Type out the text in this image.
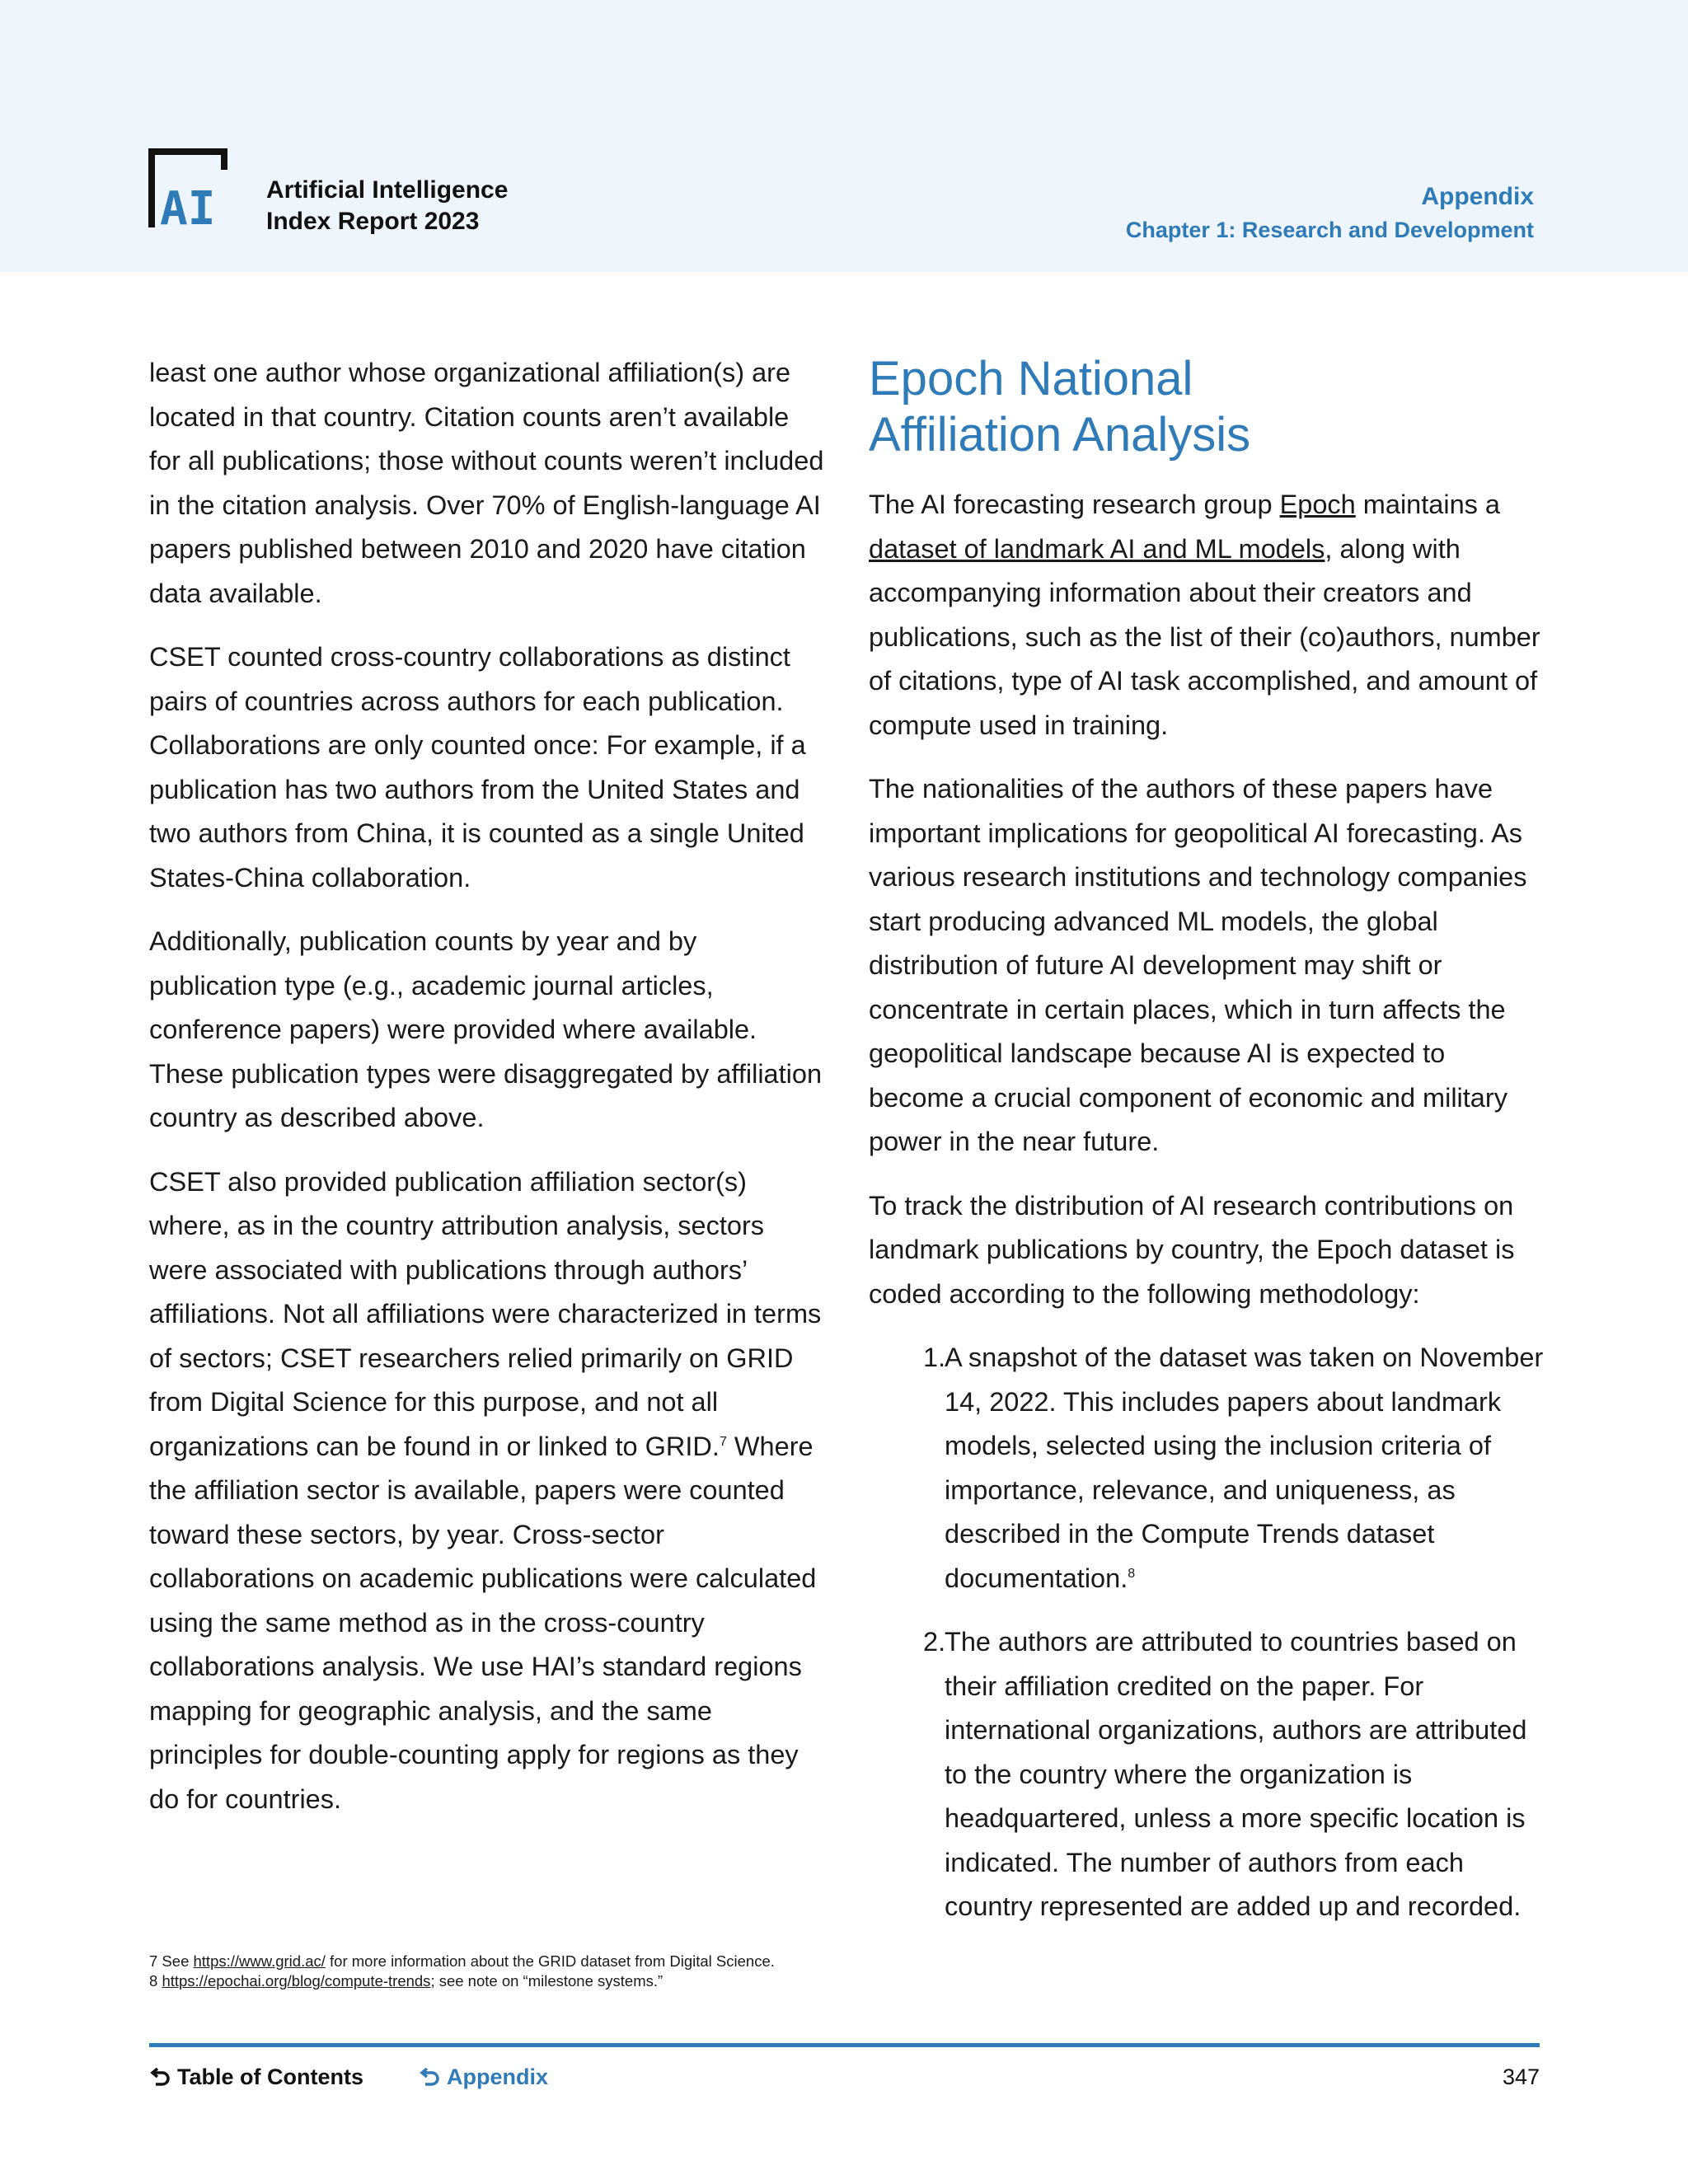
AI Artificial Intelligence
Index Report 2023
Appendix
Chapter 1: Research and Development

least one author whose organizational affiliation(s) are located in that country. Citation counts aren’t available for all publications; those without counts weren’t included in the citation analysis. Over 70% of English-language AI papers published between 2010 and 2020 have citation data available.

CSET counted cross-country collaborations as distinct pairs of countries across authors for each publication. Collaborations are only counted once: For example, if a publication has two authors from the United States and two authors from China, it is counted as a single United States-China collaboration.

Additionally, publication counts by year and by publication type (e.g., academic journal articles, conference papers) were provided where available. These publication types were disaggregated by affiliation country as described above.

CSET also provided publication affiliation sector(s) where, as in the country attribution analysis, sectors were associated with publications through authors’ affiliations. Not all affiliations were characterized in terms of sectors; CSET researchers relied primarily on GRID from Digital Science for this purpose, and not all organizations can be found in or linked to GRID.$^7$ Where the affiliation sector is available, papers were counted toward these sectors, by year. Cross-sector collaborations on academic publications were calculated using the same method as in the cross-country collaborations analysis. We use HAI’s standard regions mapping for geographic analysis, and the same principles for double-counting apply for regions as they do for countries.

Epoch National
Affiliation Analysis

The AI forecasting research group Epoch maintains a dataset of landmark AI and ML models, along with accompanying information about their creators and publications, such as the list of their (co)authors, number of citations, type of AI task accomplished, and amount of compute used in training.

The nationalities of the authors of these papers have important implications for geopolitical AI forecasting. As various research institutions and technology companies start producing advanced ML models, the global distribution of future AI development may shift or concentrate in certain places, which in turn affects the geopolitical landscape because AI is expected to become a crucial component of economic and military power in the near future.

To track the distribution of AI research contributions on landmark publications by country, the Epoch dataset is coded according to the following methodology:

1.
A snapshot of the dataset was taken on November 14, 2022. This includes papers about landmark models, selected using the inclusion criteria of importance, relevance, and uniqueness, as described in the Compute Trends dataset documentation.$^8$
2.
The authors are attributed to countries based on their affiliation credited on the paper. For international organizations, authors are attributed to the country where the organization is headquartered, unless a more specific location is indicated. The number of authors from each country represented are added up and recorded.
7 See https://www.grid.ac/ for more information about the GRID dataset from Digital Science.
8 https://epochai.org/blog/compute-trends; see note on “milestone systems.”
Table of Contents	Appendix	347
